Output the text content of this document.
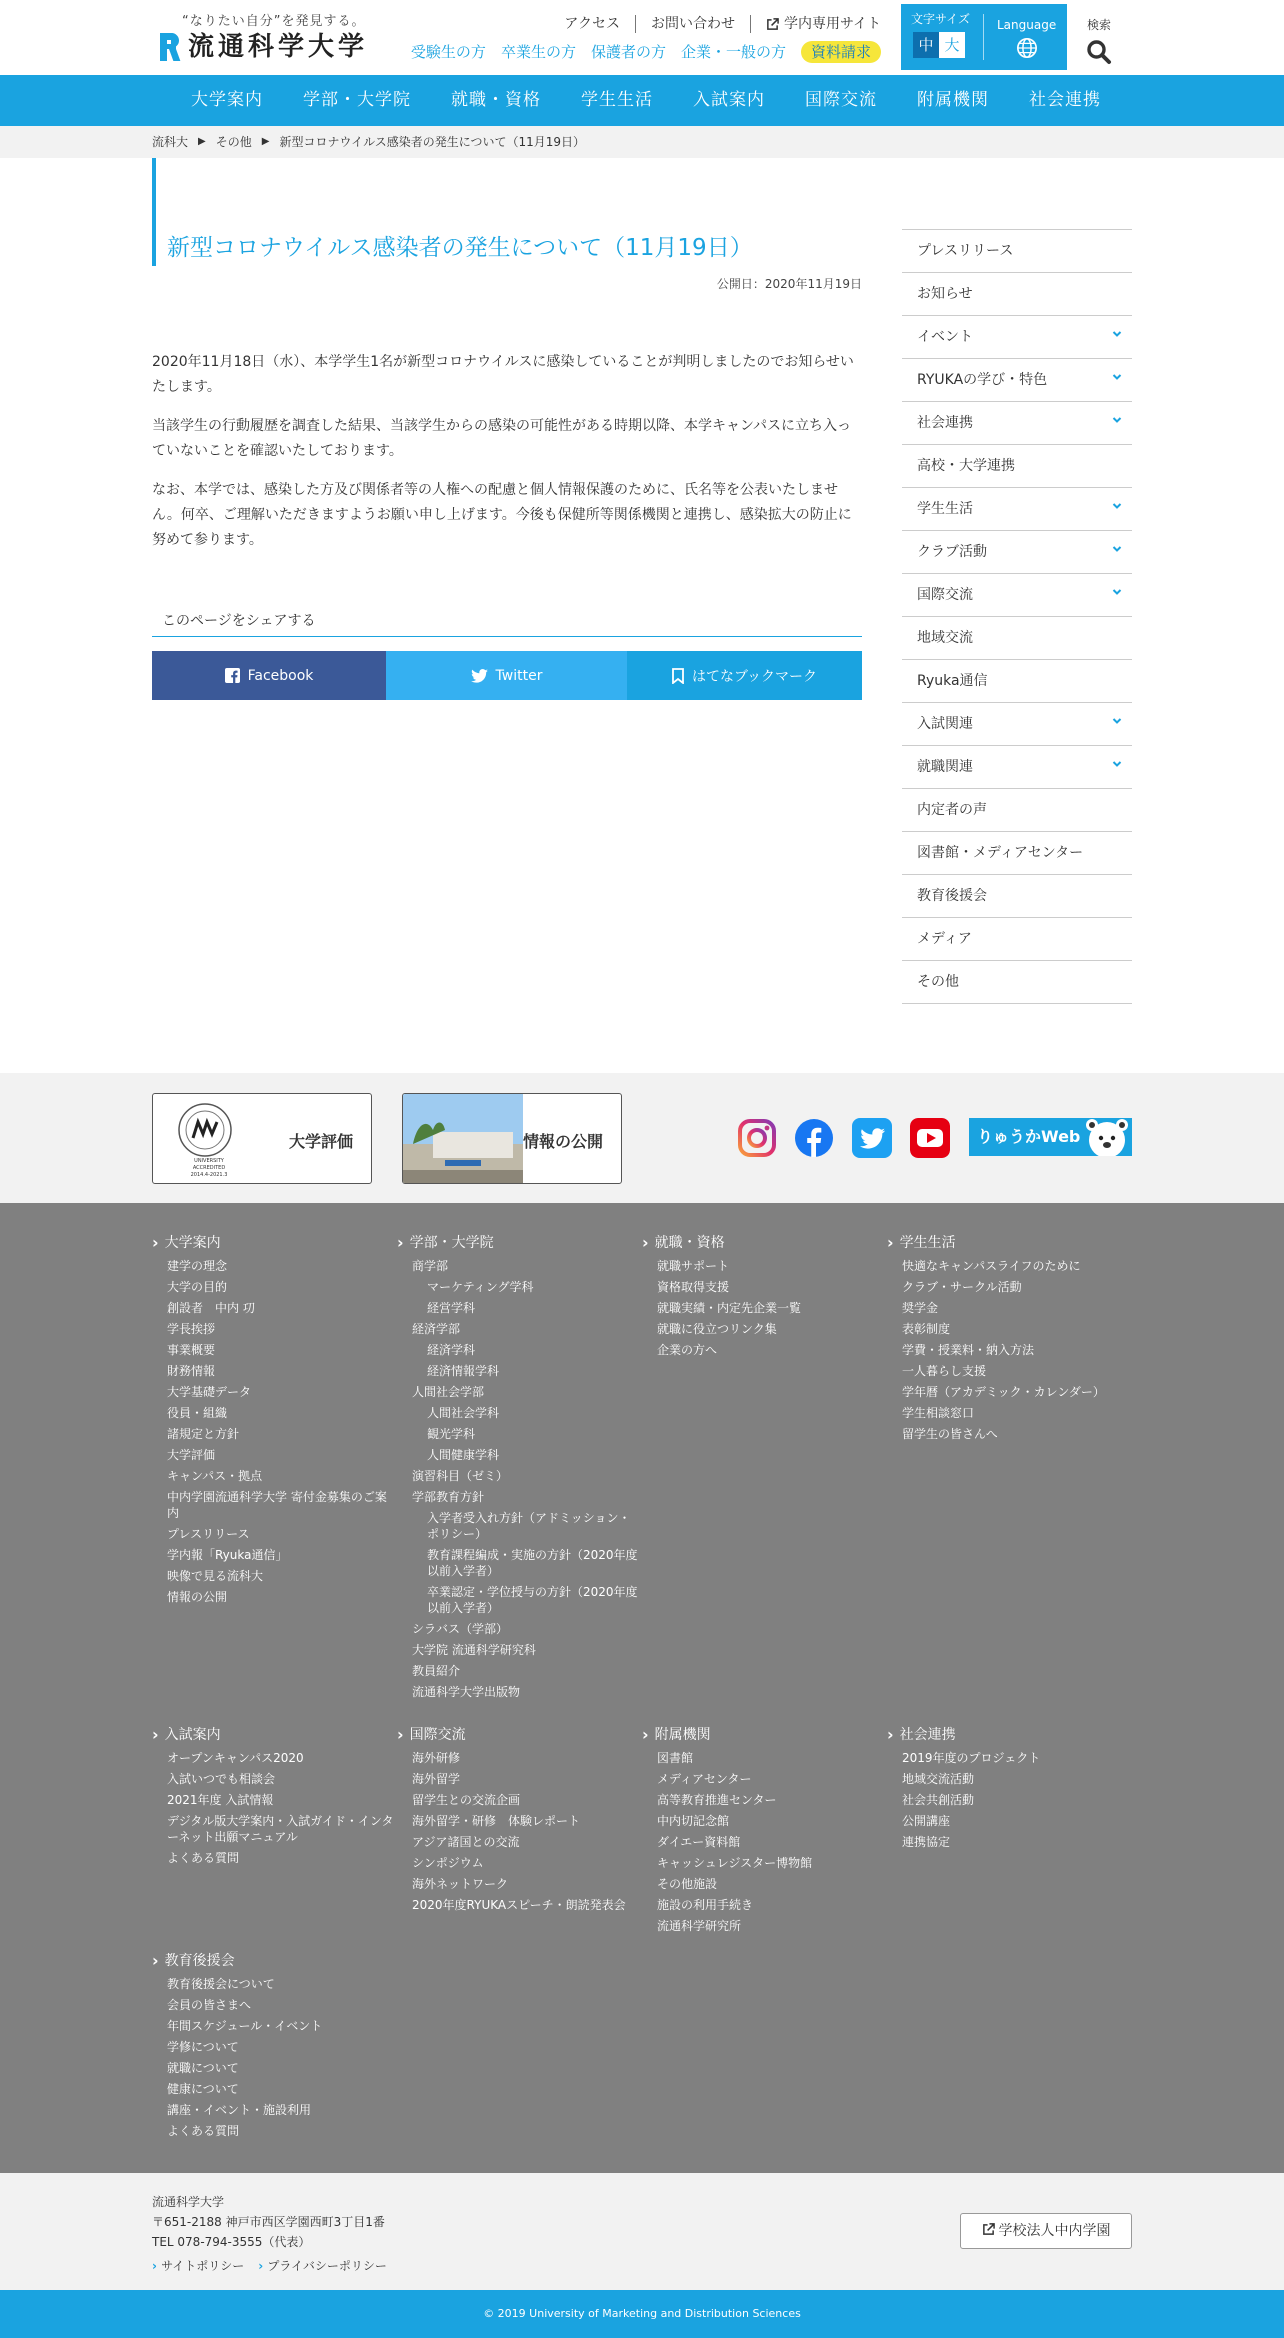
“なりたい自分”を発見する。
流通科学大学
アクセス	お問い合わせ	学内専用サイト
受験生の方 卒業生の方 保護者の方 企業・一般の方	資料請求
文字サイズ
中 大
Language	検索
大学案内 学部・大学院 就職・資格 学生生活 入試案内 国際交流 附属機関 社会連携
流科大 ▶ その他 ▶ 新型コロナウイルス感染者の発生について（11月19日）
新型コロナウイルス感染者の発生について（11月19日）
公開日：2020年11月19日

2020年11月18日（水）、本学学生1名が新型コロナウイルスに感染していることが判明しましたのでお知らせいたします。

当該学生の行動履歴を調査した結果、当該学生からの感染の可能性がある時期以降、本学キャンパスに立ち入っていないことを確認いたしております。

なお、本学では、感染した方及び関係者等の人権への配慮と個人情報保護のために、氏名等を公表いたしません。何卒、ご理解いただきますようお願い申し上げます。今後も保健所等関係機関と連携し、感染拡大の防止に努めて参ります。

このページをシェアする
Facebook	Twitter	はてなブックマーク
プレスリリース
お知らせ
イベント
RYUKAの学び・特色
社会連携
高校・大学連携
学生生活
クラブ活動
国際交流
地域交流
Ryuka通信
入試関連
就職関連
内定者の声
図書館・メディアセンター
教育後援会
メディア
その他
UNIVERSITY ACCREDITED 2014.4-2021.3
大学評価	情報の公開	りゅうかWeb
› 大学案内
建学の理念
大学の目的
創設者　中内 㓛
学長挨拶
事業概要
財務情報
大学基礎データ
役員・組織
諸規定と方針
大学評価
キャンパス・拠点
中内学園流通科学大学 寄付金募集のご案内
プレスリリース
学内報「Ryuka通信」
映像で見る流科大
情報の公開
› 学部・大学院
商学部
マーケティング学科
経営学科
経済学部
経済学科
経済情報学科
人間社会学部
人間社会学科
観光学科
人間健康学科
演習科目（ゼミ）
学部教育方針
入学者受入れ方針（アドミッション・ポリシー）
教育課程編成・実施の方針（2020年度以前入学者）
卒業認定・学位授与の方針（2020年度以前入学者）
シラバス（学部）
大学院 流通科学研究科
教員紹介
流通科学大学出版物
› 就職・資格
就職サポート
資格取得支援
就職実績・内定先企業一覧
就職に役立つリンク集
企業の方へ
› 学生生活
快適なキャンパスライフのために
クラブ・サークル活動
奨学金
表彰制度
学費・授業料・納入方法
一人暮らし支援
学年暦（アカデミック・カレンダー）
学生相談窓口
留学生の皆さんへ
› 入試案内
オープンキャンパス2020
入試いつでも相談会
2021年度 入試情報
デジタル版大学案内・入試ガイド・インターネット出願マニュアル
よくある質問
› 国際交流
海外研修
海外留学
留学生との交流企画
海外留学・研修　体験レポート
アジア諸国との交流
シンポジウム
海外ネットワーク
2020年度RYUKAスピーチ・朗読発表会
› 附属機関
図書館
メディアセンター
高等教育推進センター
中内切記念館
ダイエー資料館
キャッシュレジスター博物館
その他施設
施設の利用手続き
流通科学研究所
› 社会連携
2019年度のプロジェクト
地域交流活動
社会共創活動
公開講座
連携協定
› 教育後援会
教育後援会について
会員の皆さまへ
年間スケジュール・イベント
学修について
就職について
健康について
講座・イベント・施設利用
よくある質問
流通科学大学
〒651-2188 神戸市西区学園西町3丁目1番
TEL 078-794-3555（代表）
› サイトポリシー
›	プライバシーポリシー
学校法人中内学園
© 2019 University of Marketing and Distribution Sciences
